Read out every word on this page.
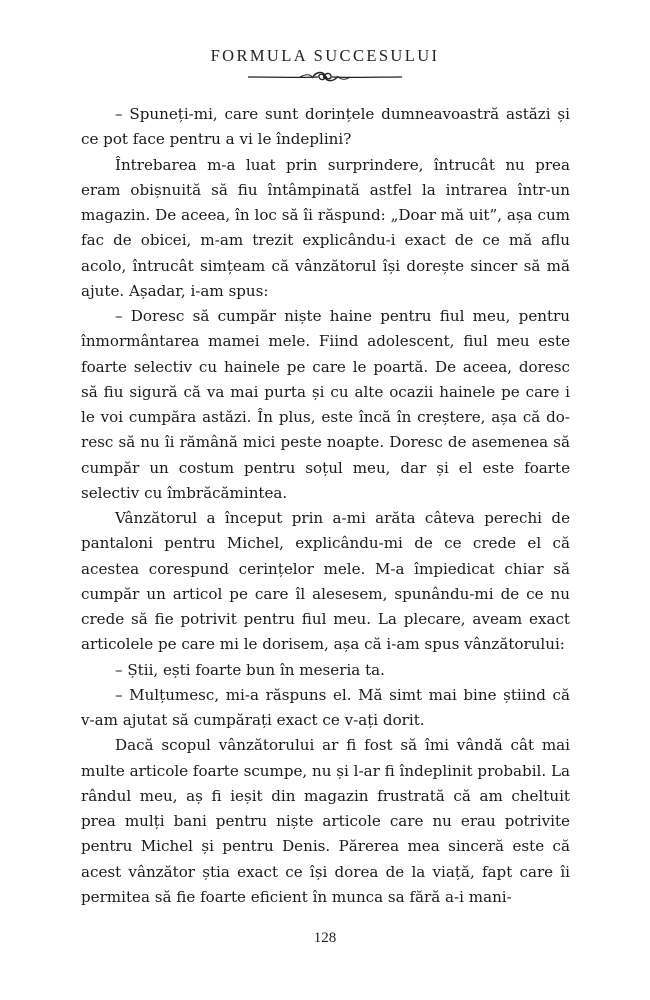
FORMULA SUCCESULUI

– Spuneți-mi, care sunt dorințele dumneavoastră astăzi și ce pot face pentru a vi le îndeplini?

Întrebarea m-a luat prin surprindere, întrucât nu prea eram obișnuită să fiu întâmpinată astfel la intrarea într-un magazin. De aceea, în loc să îi răspund: „Doar mă uit”, așa cum fac de obicei, m-am trezit explicându-i exact de ce mă aflu acolo, întrucât simțeam că vânzătorul își dorește sincer să mă ajute. Așadar, i-am spus:

– Doresc să cumpăr niște haine pentru fiul meu, pentru înmormântarea mamei mele. Fiind adolescent, fiul meu este foarte selectiv cu hainele pe care le poartă. De aceea, doresc să fiu sigură că va mai purta și cu alte ocazii hainele pe care i le voi cumpăra astăzi. În plus, este încă în creștere, așa că doresc să nu îi rămână mici peste noapte. Doresc de asemenea să cumpăr un costum pentru soțul meu, dar și el este foarte selectiv cu îmbrăcămintea.

Vânzătorul a început prin a-mi arăta câteva perechi de pantaloni pentru Michel, explicându-mi de ce crede el că acestea corespund cerințelor mele. M-a împiedicat chiar să cumpăr un articol pe care îl alesesem, spunându-mi de ce nu crede să fie potrivit pentru fiul meu. La plecare, aveam exact articolele pe care mi le dorisem, așa că i-am spus vânzătorului:

– Știi, ești foarte bun în meseria ta.

– Mulțumesc, mi-a răspuns el. Mă simt mai bine știind că v-am ajutat să cumpărați exact ce v-ați dorit.

Dacă scopul vânzătorului ar fi fost să îmi vândă cât mai multe articole foarte scumpe, nu și l-ar fi îndeplinit probabil. La rândul meu, aș fi ieșit din magazin frustrată că am cheltuit prea mulți bani pentru niște articole care nu erau potrivite pentru Michel și pentru Denis. Părerea mea sinceră este că acest vânzător știa exact ce își dorea de la viață, fapt care îi permitea să fie foarte eficient în munca sa fără a-i mani-

128
